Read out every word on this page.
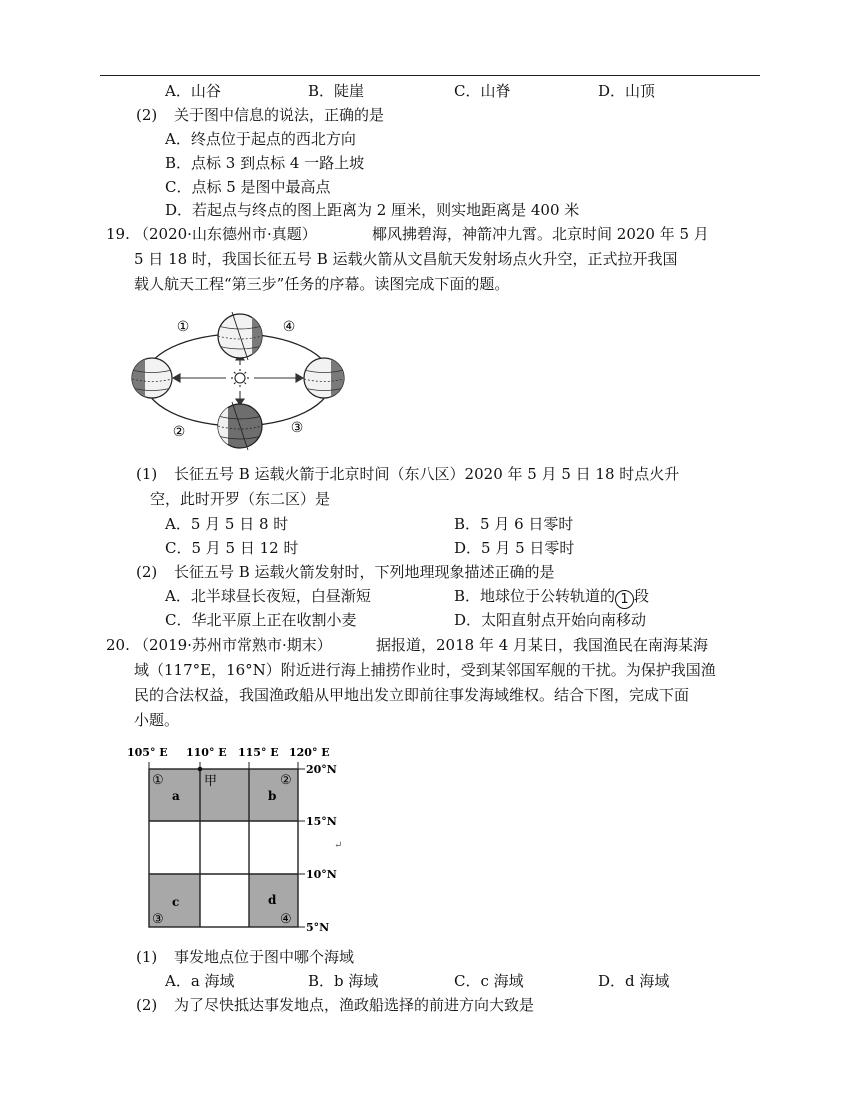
A．山谷	B．陡崖	C．山脊	D．山顶
(2) 关于图中信息的说法，正确的是
A．终点位于起点的西北方向
B．点标 3 到点标 4 一路上坡
C．点标 5 是图中最高点
D．若起点与终点的图上距离为 2 厘米，则实地距离是 400 米
19. （2020·山东德州市·真题）	椰风拂碧海，神箭冲九霄。北京时间 2020 年 5 月
5 日 18 时，我国长征五号 B 运载火箭从文昌航天发射场点火升空，正式拉开我国
载人航天工程“第三步”任务的序幕。读图完成下面的题。
①	④
②	③
(1) 长征五号 B 运载火箭于北京时间（东八区）2020 年 5 月 5 日 18 时点火升
空，此时开罗（东二区）是
A．5 月 5 日 8 时	B．5 月 6 日零时
C．5 月 5 日 12 时	D．5 月 5 日零时
(2) 长征五号 B 运载火箭发射时，下列地理现象描述正确的是
A．北半球昼长夜短，白昼渐短	B．地球位于公转轨道的 1 段
C．华北平原上正在收割小麦	D．太阳直射点开始向南移动
20. （2019·苏州市常熟市·期末）	据报道，2018 年 4 月某日，我国渔民在南海某海
域（117°E，16°N）附近进行海上捕捞作业时，受到某邻国军舰的干扰。为保护我国渔
民的合法权益，我国渔政船从甲地出发立即前往事发海域维权。结合下图，完成下面
小题。
105° E 110° E 115° E 120° E
20°N
15°N
10°N
5°N
甲
a	b
c	d
①	②
③	④
↵
(1) 事发地点位于图中哪个海域
A．a 海域	B．b 海域	C．c 海域	D．d 海域
(2) 为了尽快抵达事发地点，渔政船选择的前进方向大致是
